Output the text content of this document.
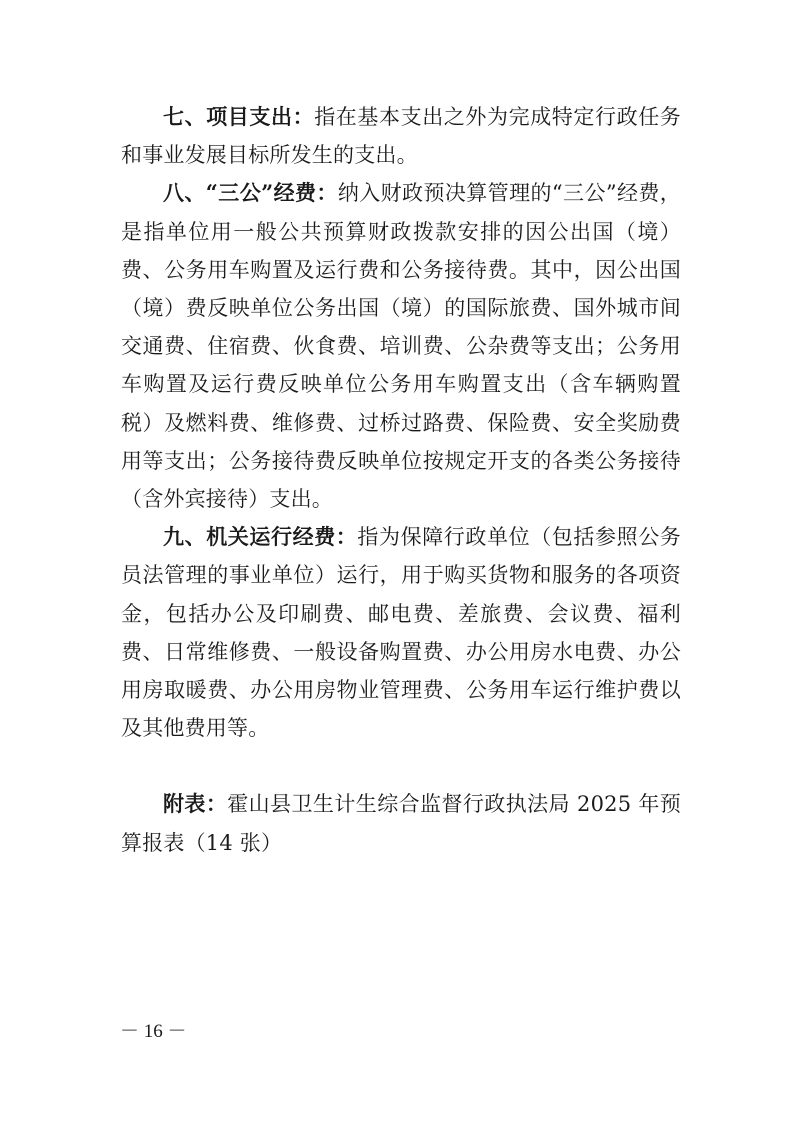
七、项目支出：指在基本支出之外为完成特定行政任务和事业发展目标所发生的支出。

八、“三公”经费：纳入财政预决算管理的“三公”经费，是指单位用一般公共预算财政拨款安排的因公出国（境）费、公务用车购置及运行费和公务接待费。其中，因公出国（境）费反映单位公务出国（境）的国际旅费、国外城市间交通费、住宿费、伙食费、培训费、公杂费等支出；公务用车购置及运行费反映单位公务用车购置支出（含车辆购置税）及燃料费、维修费、过桥过路费、保险费、安全奖励费用等支出；公务接待费反映单位按规定开支的各类公务接待（含外宾接待）支出。

九、机关运行经费：指为保障行政单位（包括参照公务员法管理的事业单位）运行，用于购买货物和服务的各项资金，包括办公及印刷费、邮电费、差旅费、会议费、福利费、日常维修费、一般设备购置费、办公用房水电费、办公用房取暖费、办公用房物业管理费、公务用车运行维护费以及其他费用等。

附表：霍山县卫生计生综合监督行政执法局 2025 年预算报表（14 张）

－ 16 －
